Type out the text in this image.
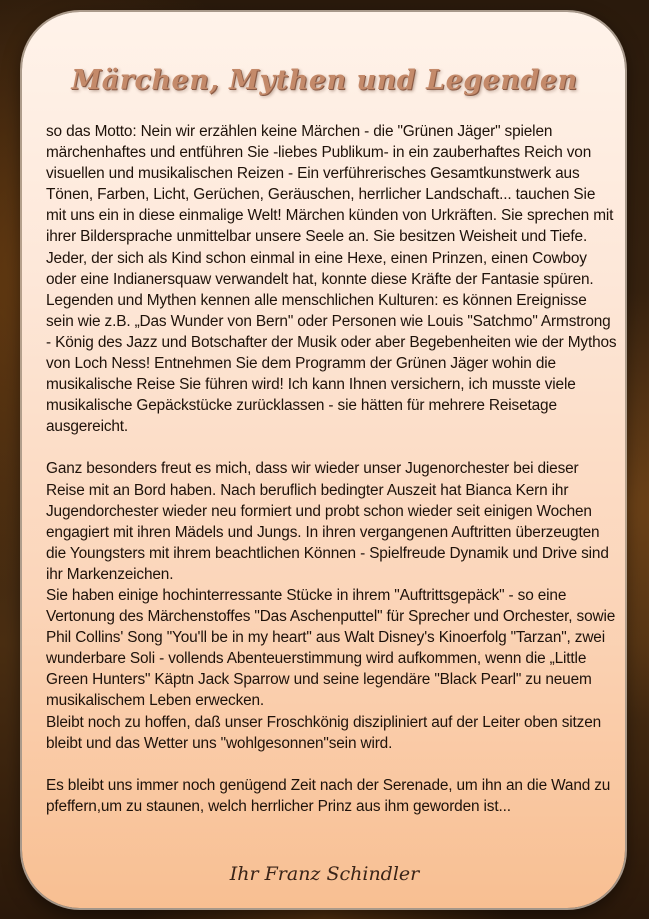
Märchen, Mythen und Legenden

so das Motto: Nein wir erzählen keine Märchen - die "Grünen Jäger" spielen märchenhaftes und entführen Sie -liebes Publikum- in ein zauberhaftes Reich von visuellen und musikalischen Reizen - Ein verführerisches Gesamtkunstwerk aus Tönen, Farben, Licht, Gerüchen, Geräuschen, herrlicher Landschaft... tauchen Sie mit uns ein in diese einmalige Welt! Märchen künden von Urkräften. Sie sprechen mit ihrer Bildersprache unmittelbar unsere Seele an. Sie besitzen Weisheit und Tiefe.

Jeder, der sich als Kind schon einmal in eine Hexe, einen Prinzen, einen Cowboy oder eine Indianersquaw verwandelt hat, konnte diese Kräfte der Fantasie spüren. Legenden und Mythen kennen alle menschlichen Kulturen: es können Ereignisse sein wie z.B. „Das Wunder von Bern" oder Personen wie Louis "Satchmo" Armstrong - König des Jazz und Botschafter der Musik oder aber Begebenheiten wie der Mythos von Loch Ness! Entnehmen Sie dem Programm der Grünen Jäger wohin die musikalische Reise Sie führen wird! Ich kann Ihnen versichern, ich musste viele musikalische Gepäckstücke zurücklassen - sie hätten für mehrere Reisetage ausgereicht.

Ganz besonders freut es mich, dass wir wieder unser Jugenorchester bei dieser Reise mit an Bord haben. Nach beruflich bedingter Auszeit hat Bianca Kern ihr Jugendorchester wieder neu formiert und probt schon wieder seit einigen Wochen engagiert mit ihren Mädels und Jungs. In ihren vergangenen Auftritten überzeugten die Youngsters mit ihrem beachtlichen Können - Spielfreude Dynamik und Drive sind ihr Markenzeichen.

Sie haben einige hochinterressante Stücke in ihrem "Auftrittsgepäck" - so eine Vertonung des Märchenstoffes "Das Aschenputtel" für Sprecher und Orchester, sowie Phil Collins' Song "You'll be in my heart" aus Walt Disney's Kinoerfolg "Tarzan", zwei wunderbare Soli - vollends Abenteuerstimmung wird aufkommen, wenn die „Little Green Hunters" Käptn Jack Sparrow und seine legendäre "Black Pearl" zu neuem musikalischem Leben erwecken.

Bleibt noch zu hoffen, daß unser Froschkönig diszipliniert auf der Leiter oben sitzen bleibt und das Wetter uns "wohlgesonnen"sein wird.

Es bleibt uns immer noch genügend Zeit nach der Serenade, um ihn an die Wand zu pfeffern,um zu staunen, welch herrlicher Prinz aus ihm geworden ist...

Ihr Franz Schindler
